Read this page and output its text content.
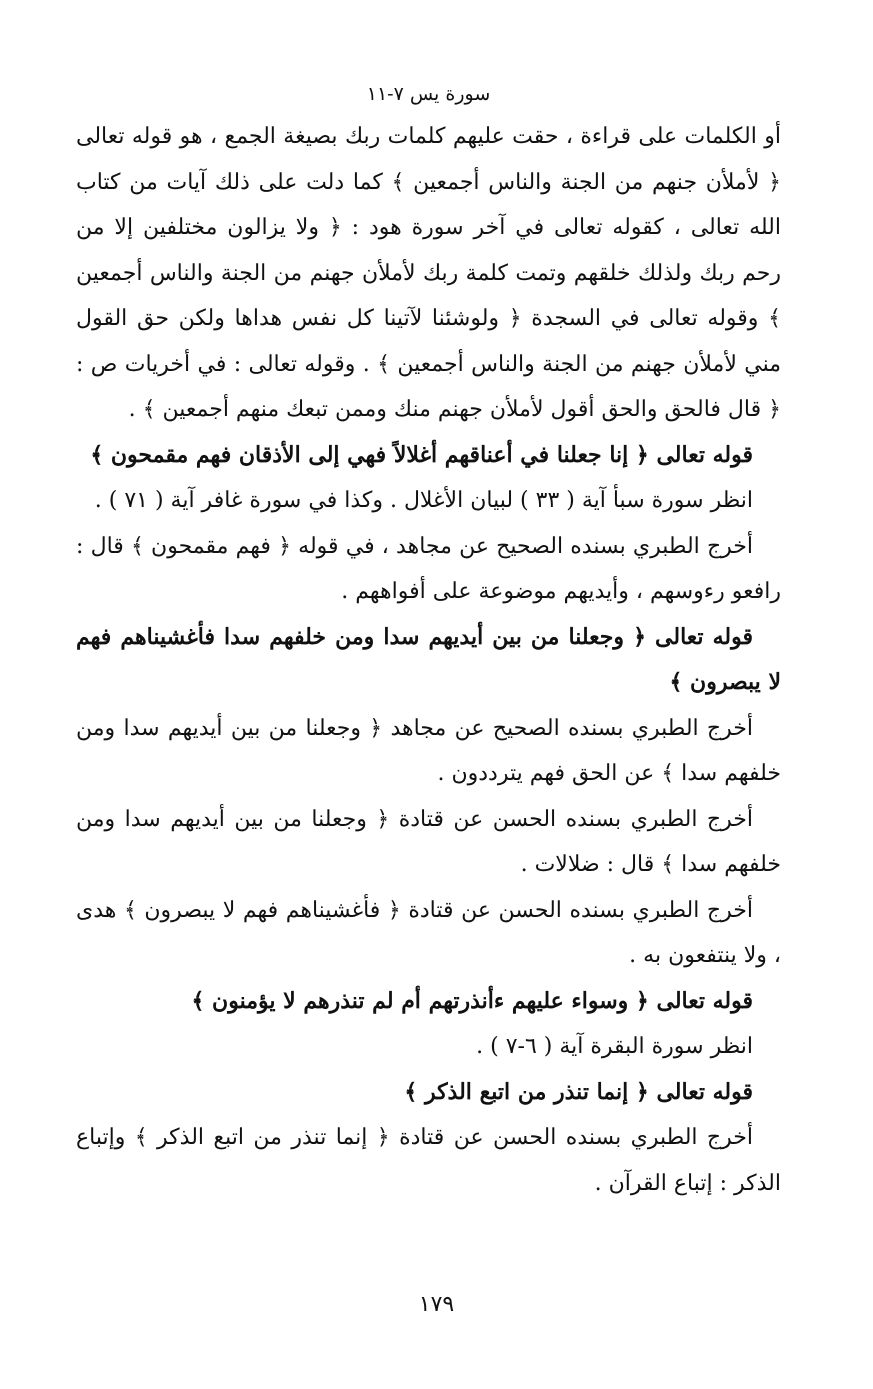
سورة يس ٧-١١

أو الكلمات على قراءة ، حقت عليهم كلمات ربك بصيغة الجمع ، هو قوله تعالى ﴿ لأملأن جنهم من الجنة والناس أجمعين ﴾ كما دلت على ذلك آيات من كتاب الله تعالى ، كقوله تعالى في آخر سورة هود : ﴿ ولا يزالون مختلفين إلا من رحم ربك ولذلك خلقهم وتمت كلمة ربك لأملأن جهنم من الجنة والناس أجمعين ﴾ وقوله تعالى في السجدة ﴿ ولوشئنا لآتينا كل نفس هداها ولكن حق القول مني لأملأن جهنم من الجنة والناس أجمعين ﴾ . وقوله تعالى : في أخريات ص : ﴿ قال فالحق والحق أقول لأملأن جهنم منك وممن تبعك منهم أجمعين ﴾ .

قوله تعالى ﴿ إنا جعلنا في أعناقهم أغلالاً فهي إلى الأذقان فهم مقمحون ﴾

انظر سورة سبأ آية ( ٣٣ ) لبيان الأغلال . وكذا في سورة غافر آية ( ٧١ ) .

أخرج الطبري بسنده الصحيح عن مجاهد ، في قوله ﴿ فهم مقمحون ﴾ قال : رافعو رءوسهم ، وأيديهم موضوعة على أفواههم .

قوله تعالى ﴿ وجعلنا من بين أيديهم سدا ومن خلفهم سدا فأغشيناهم فهم لا يبصرون ﴾

أخرج الطبري بسنده الصحيح عن مجاهد ﴿ وجعلنا من بين أيديهم سدا ومن خلفهم سدا ﴾ عن الحق فهم يترددون .

أخرج الطبري بسنده الحسن عن قتادة ﴿ وجعلنا من بين أيديهم سدا ومن خلفهم سدا ﴾ قال : ضلالات .

أخرج الطبري بسنده الحسن عن قتادة ﴿ فأغشيناهم فهم لا يبصرون ﴾ هدى ، ولا ينتفعون به .

قوله تعالى ﴿ وسواء عليهم ءأنذرتهم أم لم تنذرهم لا يؤمنون ﴾

انظر سورة البقرة آية ( ٦-٧ ) .

قوله تعالى ﴿ إنما تنذر من اتبع الذكر ﴾

أخرج الطبري بسنده الحسن عن قتادة ﴿ إنما تنذر من اتبع الذكر ﴾ وإتباع الذكر : إتباع القرآن .

١٧٩
